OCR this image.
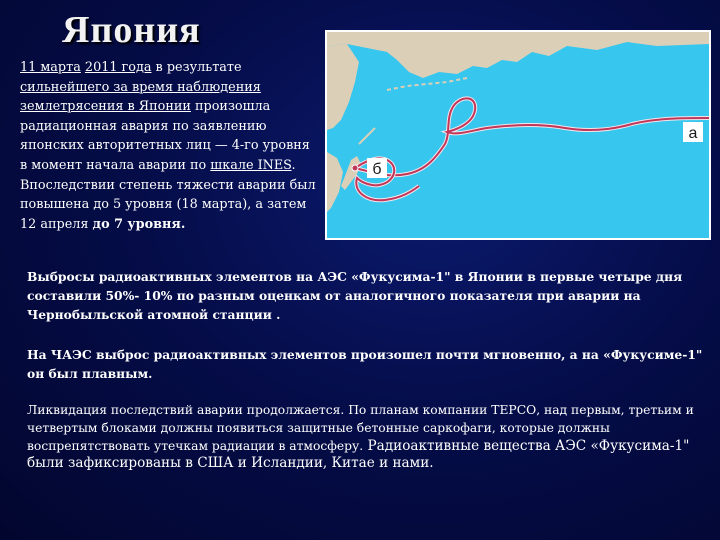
Япония
11 марта 2011 года в результате сильнейшего за время наблюдения землетрясения в Японии произошла радиационная авария по заявлению японских авторитетных лиц — 4-го уровня в момент начала аварии по шкале INES. Впоследствии степень тяжести аварии был повышена до 5 уровня (18 марта), а затем 12 апреля до 7 уровня.
а
б
Выбросы радиоактивных элементов на АЭС «Фукусима-1" в Японии в первые четыре дня составили 50%- 10% по разным оценкам от аналогичного показателя при аварии на Чернобыльской атомной станции .
На ЧАЭС выброс радиоактивных элементов произошел почти мгновенно, а на «Фукусиме-1" он был плавным.
Ликвидация последствий аварии продолжается. По планам компании ТЕРСО, над первым, третьим и четвертым блоками должны появиться защитные бетонные саркофаги, которые должны воспрепятствовать утечкам радиации в атмосферу. Радиоактивные вещества АЭС «Фукусима-1" были зафиксированы в США и Исландии, Китае и нами.
